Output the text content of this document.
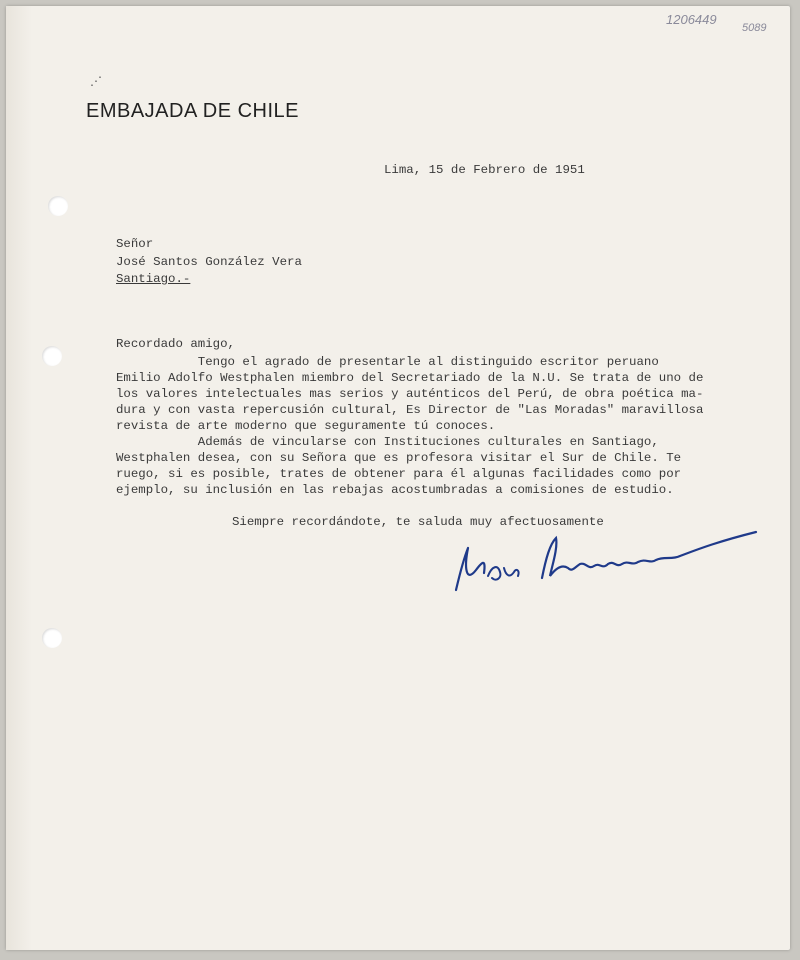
1206449
5089
⋰
EMBAJADA DE CHILE
Lima, 15 de Febrero de 1951
Señor
José Santos González Vera
Santiago.-
Recordado amigo,
Tengo el agrado de presentarle al distinguido escritor peruano
Emilio Adolfo Westphalen miembro del Secretariado de la N.U. Se trata de uno de
los valores intelectuales mas serios y auténticos del Perú, de obra poética ma-
dura y con vasta repercusión cultural, Es Director de "Las Moradas" maravillosa
revista de arte moderno que seguramente tú conoces.
Además de vincularse con Instituciones culturales en Santiago,
Westphalen desea, con su Señora que es profesora visitar el Sur de Chile. Te
ruego, si es posible, trates de obtener para él algunas facilidades como por
ejemplo, su inclusión en las rebajas acostumbradas a comisiones de estudio.
Siempre recordándote, te saluda muy afectuosamente
